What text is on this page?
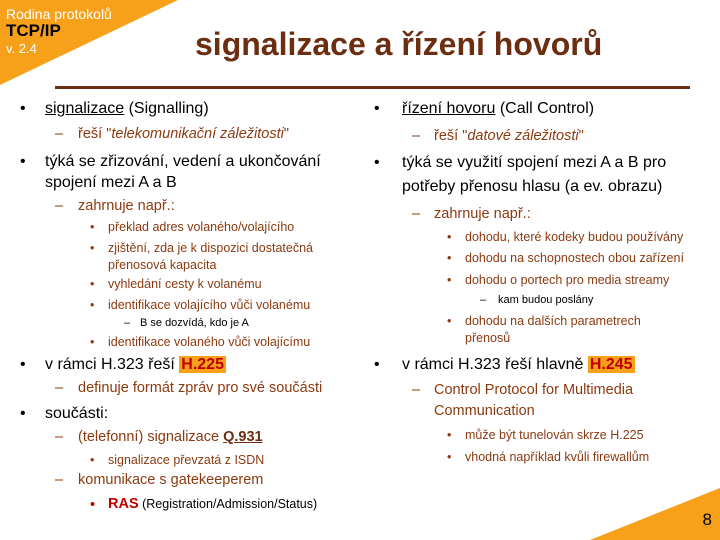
Rodina protokolů
TCP/IP
v. 2.4	signalizace a řízení hovorů
• signalizace (Signalling)
– řeší "telekomunikační záležitosti"
• týká se zřizování, vedení a ukončování
spojení mezi A a B
– zahrnuje např.:
• překlad adres volaného/volajícího
• zjištění, zda je k dispozici dostatečná
přenosová kapacita
• vyhledání cesty k volanému
• identifikace volajícího vůči volanému
– B se dozvídá, kdo je A
• identifikace volaného vůči volajícímu
• v rámci H.323 řeší H.225
– definuje formát zpráv pro své součásti
• součásti:
– (telefonní) signalizace Q.931
• signalizace převzatá z ISDN
– komunikace s gatekeeperem
• RAS (Registration/Admission/Status)
• řízení hovoru (Call Control)
– řeší "datové záležitosti"
• týká se využití spojení mezi A a B pro
potřeby přenosu hlasu (a ev. obrazu)
– zahrnuje např.:
• dohodu, které kodeky budou používány
• dohodu na schopnostech obou zařízení
• dohodu o portech pro media streamy
– kam budou poslány
• dohodu na dalších parametrech
přenosů
• v rámci H.323 řeší hlavně H.245
– Control Protocol for Multimedia
Communication
• může být tunelován skrze H.225
• vhodná například kvůli firewallům
8
